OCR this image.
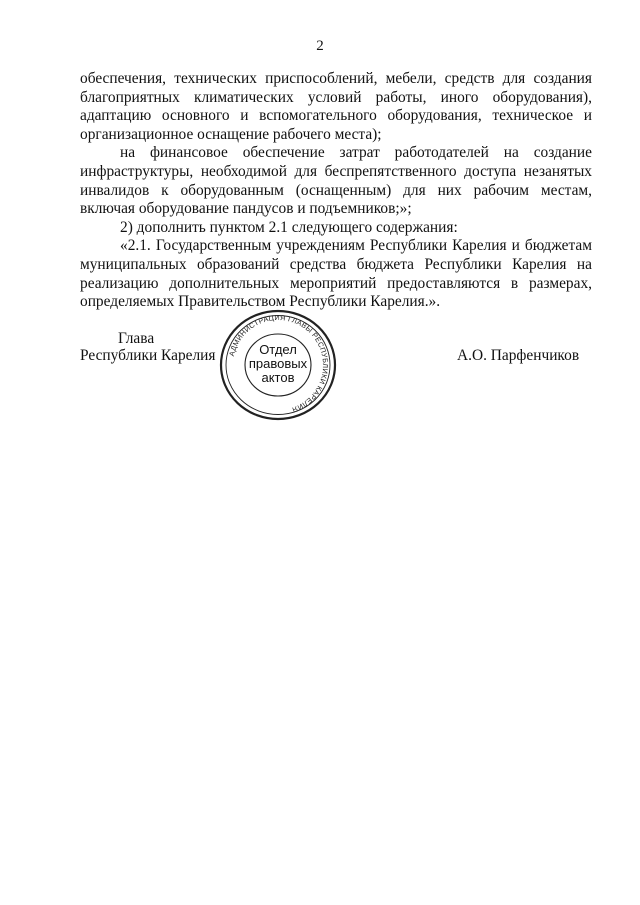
2

обеспечения, технических приспособлений, мебели, средств для создания благоприятных климатических условий работы, иного оборудования), адаптацию основного и вспомогательного оборудования, техническое и организационное оснащение рабочего места);

на финансовое обеспечение затрат работодателей на создание инфраструктуры, необходимой для беспрепятственного доступа незанятых инвалидов к оборудованным (оснащенным) для них рабочим местам, включая оборудование пандусов и подъемников;»;

2) дополнить пунктом 2.1 следующего содержания:

«2.1. Государственным учреждениям Республики Карелия и бюджетам муниципальных образований средства бюджета Республики Карелия на реализацию дополнительных мероприятий предоставляются в размерах, определяемых Правительством Республики Карелия.».

Глава
Республики Карелия	А.О. Парфенчиков
АДМИНИСТРАЦИЯ ГЛАВЫ РЕСПУБЛИКИ КАРЕЛИЯ
Отдел
правовых
актов
